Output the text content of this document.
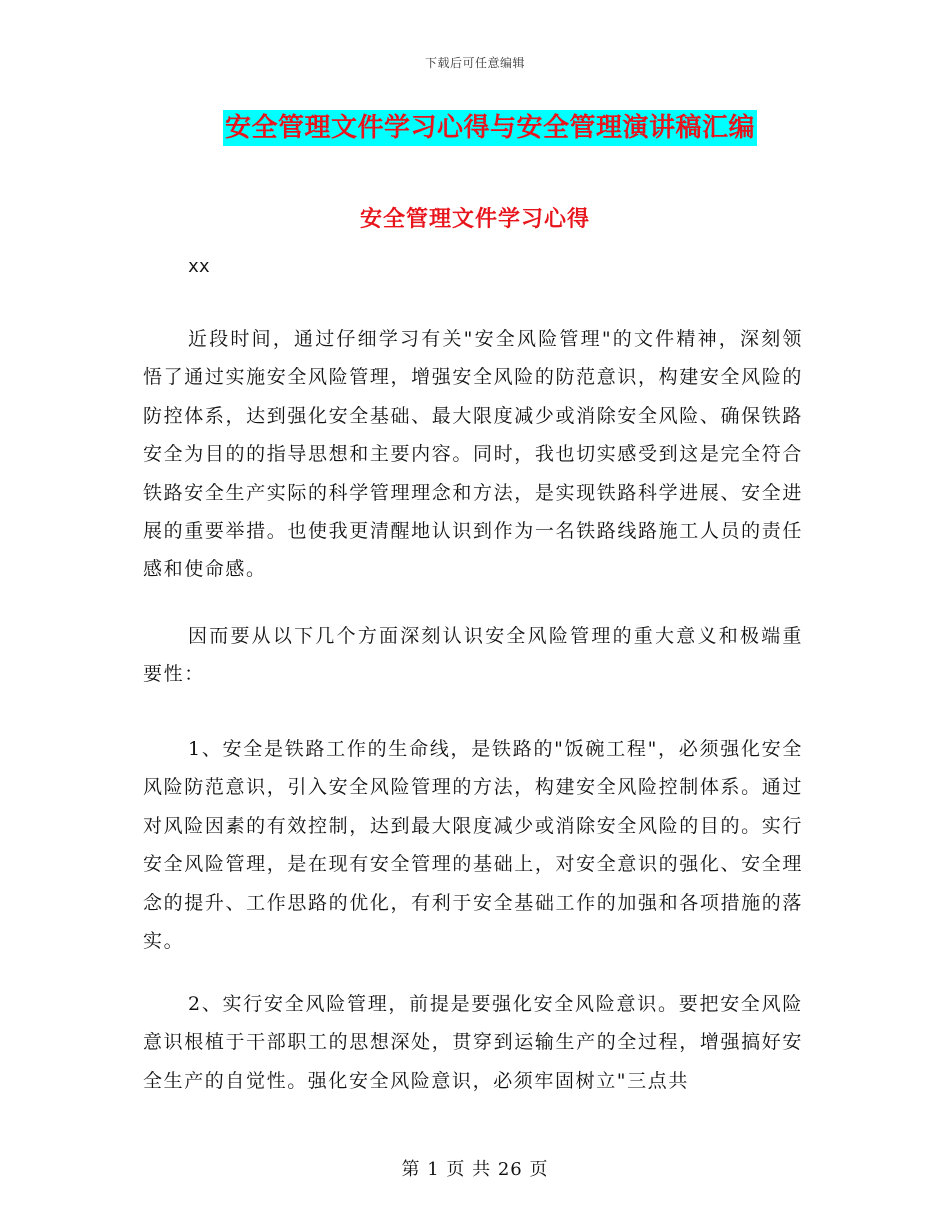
下载后可任意编辑
安全管理文件学习心得与安全管理演讲稿汇编
安全管理文件学习心得
xx

近段时间，通过仔细学习有关"安全风险管理"的文件精神，深刻领悟了通过实施安全风险管理，增强安全风险的防范意识，构建安全风险的防控体系，达到强化安全基础、最大限度减少或消除安全风险、确保铁路安全为目的的指导思想和主要内容。同时，我也切实感受到这是完全符合铁路安全生产实际的科学管理理念和方法，是实现铁路科学进展、安全进展的重要举措。也使我更清醒地认识到作为一名铁路线路施工人员的责任感和使命感。

因而要从以下几个方面深刻认识安全风险管理的重大意义和极端重要性：

1、安全是铁路工作的生命线，是铁路的"饭碗工程"，必须强化安全风险防范意识，引入安全风险管理的方法，构建安全风险控制体系。通过对风险因素的有效控制，达到最大限度减少或消除安全风险的目的。实行安全风险管理，是在现有安全管理的基础上，对安全意识的强化、安全理念的提升、工作思路的优化，有利于安全基础工作的加强和各项措施的落实。

2、实行安全风险管理，前提是要强化安全风险意识。要把安全风险意识根植于干部职工的思想深处，贯穿到运输生产的全过程，增强搞好安全生产的自觉性。强化安全风险意识，必须牢固树立"三点共

第 1 页 共 26 页
